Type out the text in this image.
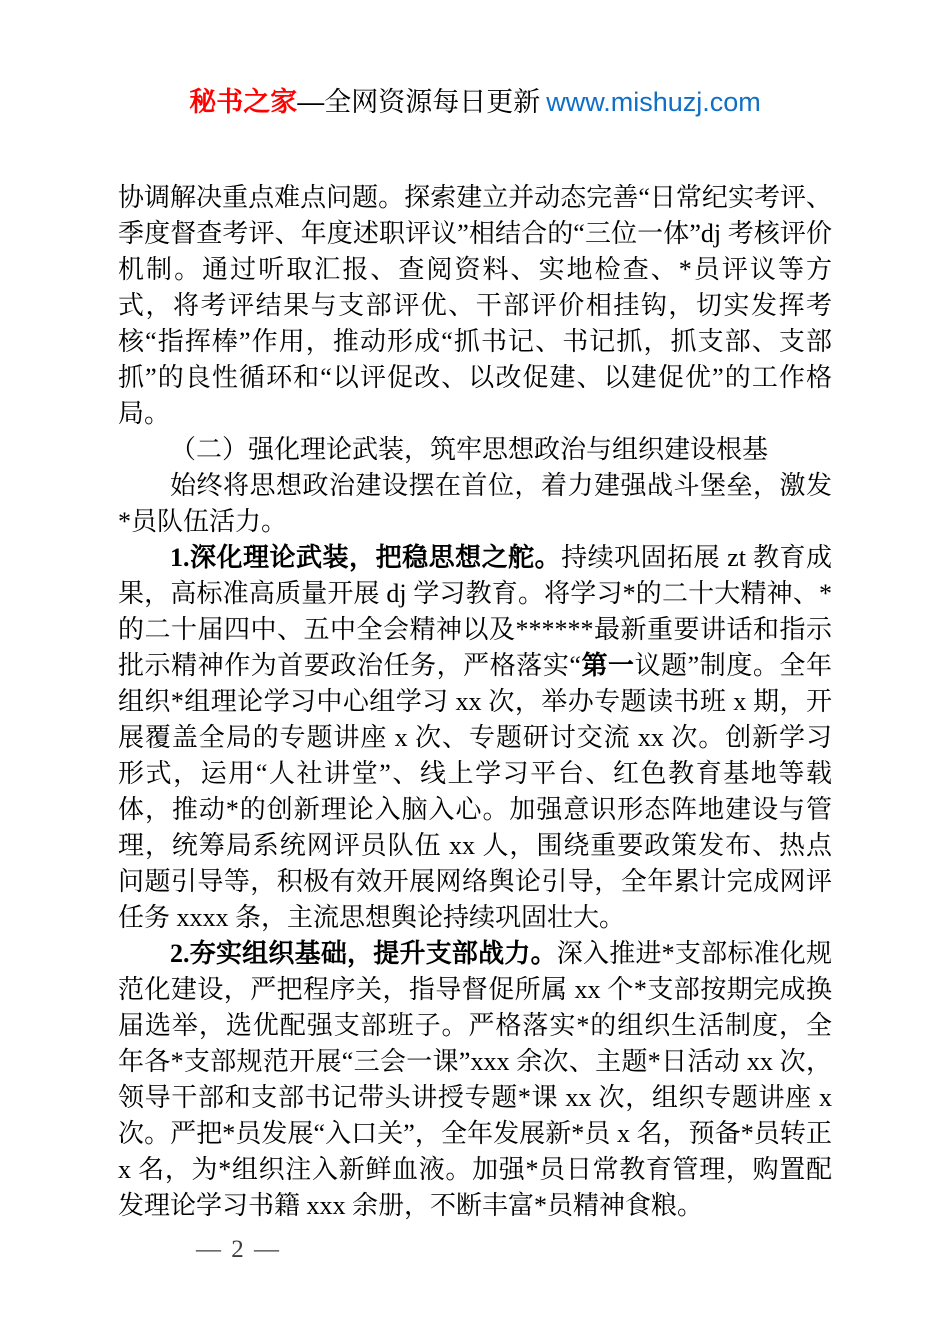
秘书之家—全网资源每日更新 www.mishuzj.com

协调解决重点难点问题。探索建立并动态完善“日常纪实考评、季度督查考评、年度述职评议”相结合的“三位一体”dj 考核评价机制。通过听取汇报、查阅资料、实地检查、*员评议等方式，将考评结果与支部评优、干部评价相挂钩，切实发挥考核“指挥棒”作用，推动形成“抓书记、书记抓，抓支部、支部抓”的良性循环和“以评促改、以改促建、以建促优”的工作格局。

（二）强化理论武装，筑牢思想政治与组织建设根基

始终将思想政治建设摆在首位，着力建强战斗堡垒，激发*员队伍活力。

1.深化理论武装，把稳思想之舵。持续巩固拓展 zt 教育成果，高标准高质量开展 dj 学习教育。将学习*的二十大精神、*的二十届四中、五中全会精神以及******最新重要讲话和指示批示精神作为首要政治任务，严格落实“第一议题”制度。全年组织*组理论学习中心组学习 xx 次，举办专题读书班 x 期，开展覆盖全局的专题讲座 x 次、专题研讨交流 xx 次。创新学习形式，运用“人社讲堂”、线上学习平台、红色教育基地等载体，推动*的创新理论入脑入心。加强意识形态阵地建设与管理，统筹局系统网评员队伍 xx 人，围绕重要政策发布、热点问题引导等，积极有效开展网络舆论引导，全年累计完成网评任务 xxxx 条，主流思想舆论持续巩固壮大。

2.夯实组织基础，提升支部战力。深入推进*支部标准化规范化建设，严把程序关，指导督促所属 xx 个*支部按期完成换届选举，选优配强支部班子。严格落实*的组织生活制度，全年各*支部规范开展“三会一课”xxx 余次、主题*日活动 xx 次，领导干部和支部书记带头讲授专题*课 xx 次，组织专题讲座 x 次。严把*员发展“入口关”，全年发展新*员 x 名，预备*员转正 x 名，为*组织注入新鲜血液。加强*员日常教育管理，购置配发理论学习书籍 xxx 余册，不断丰富*员精神食粮。

— 2 —
